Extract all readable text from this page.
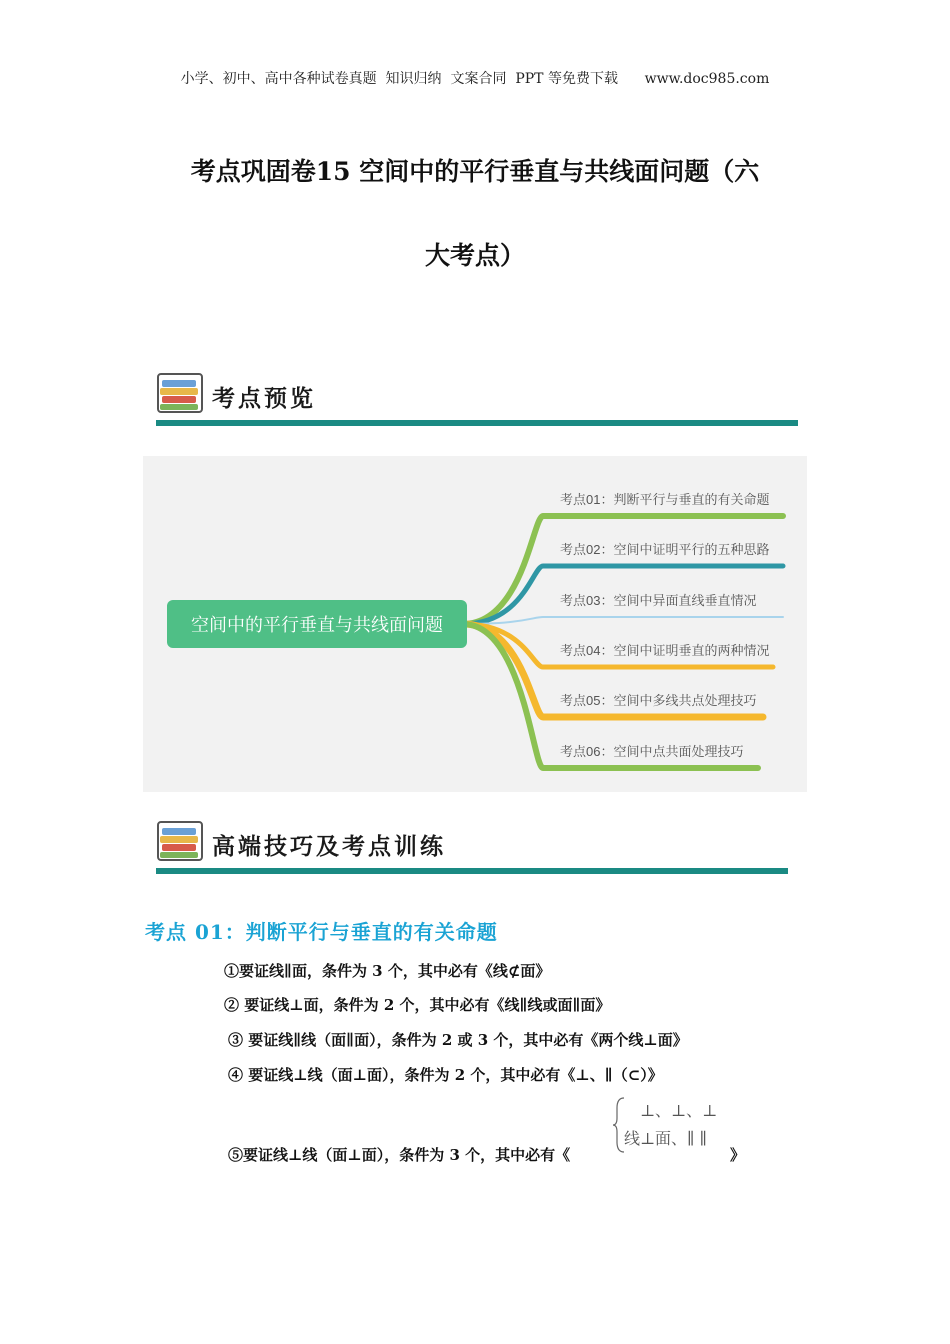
小学、初中、高中各种试卷真题  知识归纳  文案合同  PPT 等免费下载      www.doc985.com
考点巩固卷15 空间中的平行垂直与共线面问题（六
大考点）
考点预览
空间中的平行垂直与共线面问题
考点01：判断平行与垂直的有关命题
考点02：空间中证明平行的五种思路
考点03：空间中异面直线垂直情况
考点04：空间中证明垂直的两种情况
考点05：空间中多线共点处理技巧
考点06：空间中点共面处理技巧
高端技巧及考点训练
考点 01：判断平行与垂直的有关命题
①要证线∥面，条件为 3 个，其中必有《线⊄面》
② 要证线⊥面，条件为 2 个，其中必有《线∥线或面∥面》
③ 要证线∥线（面∥面），条件为 2 或 3 个，其中必有《两个线⊥面》
④ 要证线⊥线（面⊥面），条件为 2 个，其中必有《⊥、∥（⊂）》
⑤要证线⊥线（面⊥面），条件为 3 个，其中必有《
⊥、⊥、⊥
线⊥面、∥ ∥
》
